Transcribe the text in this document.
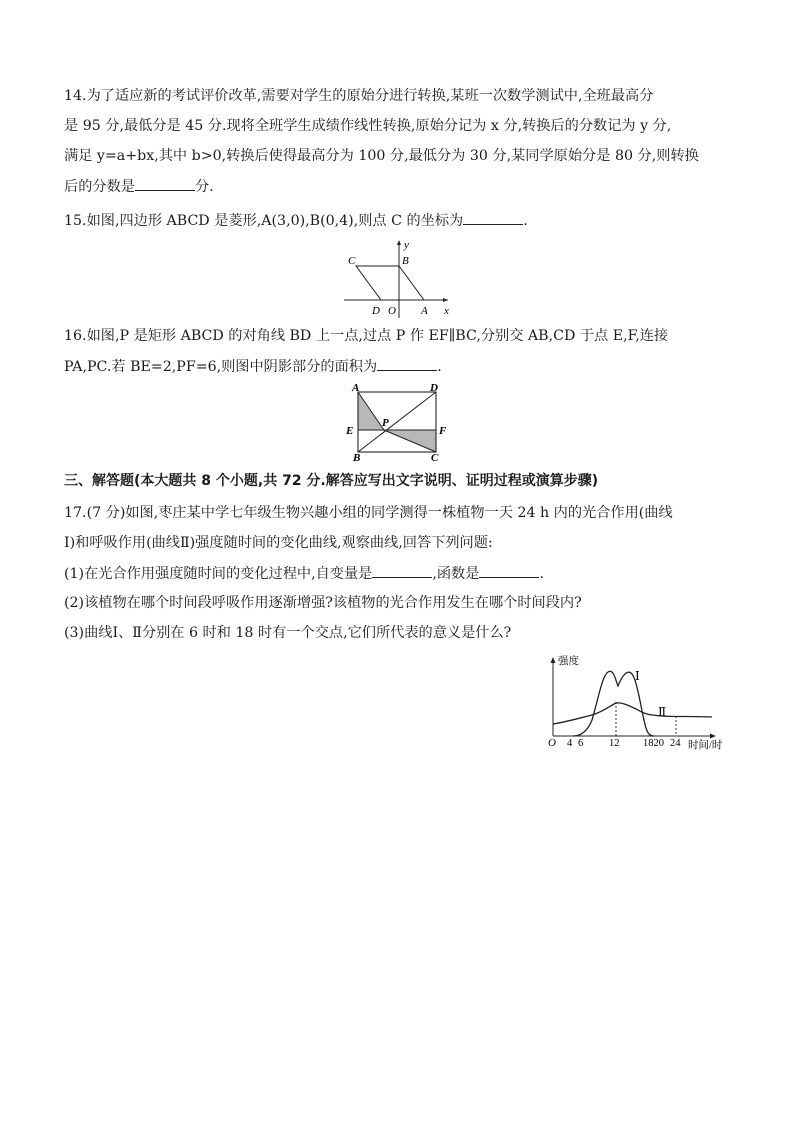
14.为了适应新的考试评价改革,需要对学生的原始分进行转换,某班一次数学测试中,全班最高分
是 95 分,最低分是 45 分.现将全班学生成绩作线性转换,原始分记为 x 分,转换后的分数记为 y 分,
满足 y=a+bx,其中 b>0,转换后使得最高分为 100 分,最低分为 30 分,某同学原始分是 80 分,则转换
后的分数是	分.
15.如图,四边形 ABCD 是菱形,A(3,0),B(0,4),则点 C 的坐标为	.
y
x
C	B
D O A
16.如图,P 是矩形 ABCD 的对角线 BD 上一点,过点 P 作 EF∥BC,分别交 AB,CD 于点 E,F,连接
PA,PC.若 BE=2,PF=6,则图中阴影部分的面积为	.
A	D
P
E	F
B	C
三、解答题(本大题共 8 个小题,共 72 分.解答应写出文字说明、证明过程或演算步骤)
17.(7 分)如图,枣庄某中学七年级生物兴趣小组的同学测得一株植物一天 24 h 内的光合作用(曲线
Ⅰ)和呼吸作用(曲线Ⅱ)强度随时间的变化曲线,观察曲线,回答下列问题:
(1)在光合作用强度随时间的变化过程中,自变量是	,函数是	.
(2)该植物在哪个时间段呼吸作用逐渐增强?该植物的光合作用发生在哪个时间段内?
(3)曲线Ⅰ、Ⅱ分别在 6 时和 18 时有一个交点,它们所代表的意义是什么?
强度
时间/时
O
Ⅰ
Ⅱ
4 6 12 1820 24
